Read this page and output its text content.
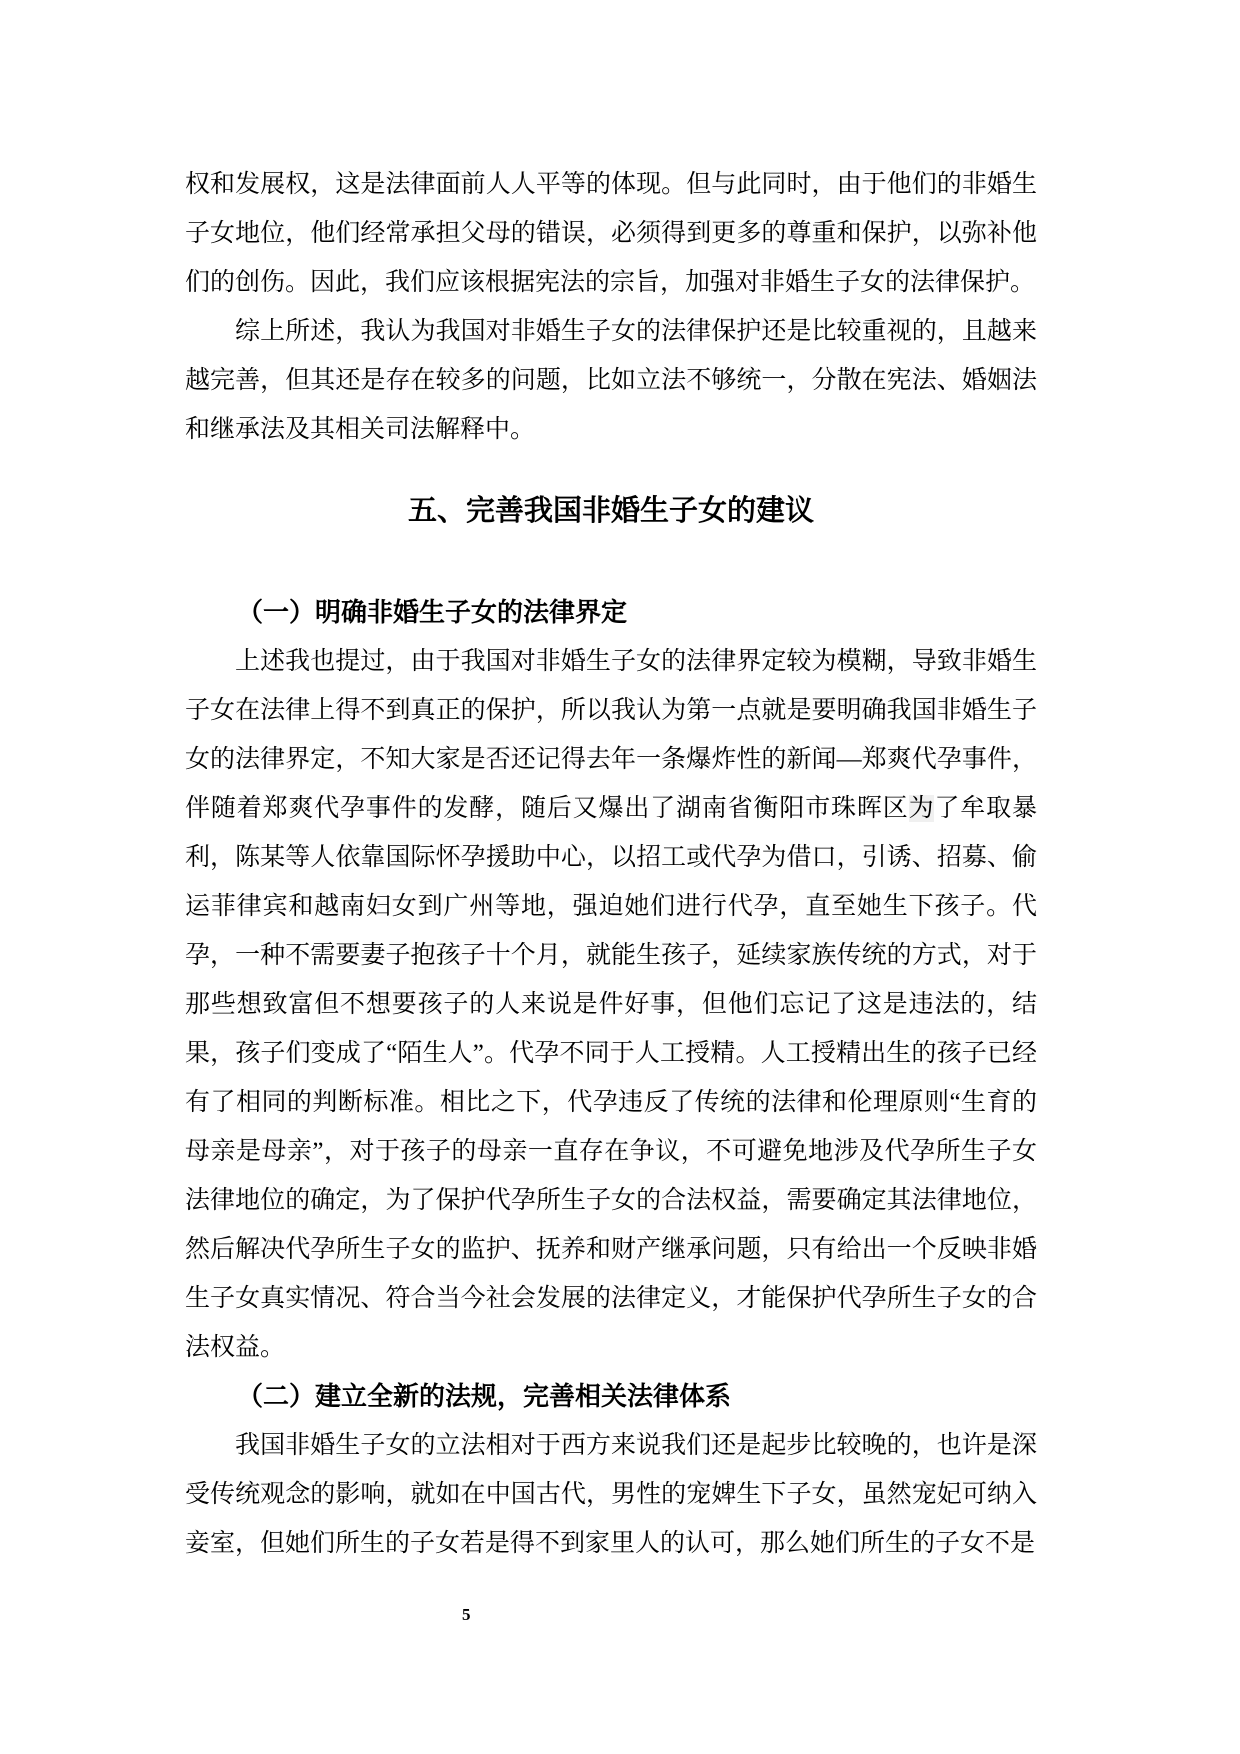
权和发展权，这是法律面前人人平等的体现。但与此同时，由于他们的非婚生子女地位，他们经常承担父母的错误，必须得到更多的尊重和保护，以弥补他们的创伤。因此，我们应该根据宪法的宗旨，加强对非婚生子女的法律保护。

综上所述，我认为我国对非婚生子女的法律保护还是比较重视的，且越来越完善，但其还是存在较多的问题，比如立法不够统一，分散在宪法、婚姻法和继承法及其相关司法解释中。

五、完善我国非婚生子女的建议
（一）明确非婚生子女的法律界定

上述我也提过，由于我国对非婚生子女的法律界定较为模糊，导致非婚生子女在法律上得不到真正的保护，所以我认为第一点就是要明确我国非婚生子女的法律界定，不知大家是否还记得去年一条爆炸性的新闻—郑爽代孕事件，伴随着郑爽代孕事件的发酵，随后又爆出了湖南省衡阳市珠晖区为了牟取暴利，陈某等人依靠国际怀孕援助中心，以招工或代孕为借口，引诱、招募、偷运菲律宾和越南妇女到广州等地，强迫她们进行代孕，直至她生下孩子。代孕，一种不需要妻子抱孩子十个月，就能生孩子，延续家族传统的方式，对于那些想致富但不想要孩子的人来说是件好事，但他们忘记了这是违法的，结果，孩子们变成了“陌生人”。代孕不同于人工授精。人工授精出生的孩子已经有了相同的判断标准。相比之下，代孕违反了传统的法律和伦理原则“生育的母亲是母亲”，对于孩子的母亲一直存在争议，不可避免地涉及代孕所生子女法律地位的确定，为了保护代孕所生子女的合法权益，需要确定其法律地位，然后解决代孕所生子女的监护、抚养和财产继承问题，只有给出一个反映非婚生子女真实情况、符合当今社会发展的法律定义，才能保护代孕所生子女的合法权益。

（二）建立全新的法规，完善相关法律体系

我国非婚生子女的立法相对于西方来说我们还是起步比较晚的，也许是深受传统观念的影响，就如在中国古代，男性的宠婢生下子女，虽然宠妃可纳入妾室，但她们所生的子女若是得不到家里人的认可，那么她们所生的子女不是

5
